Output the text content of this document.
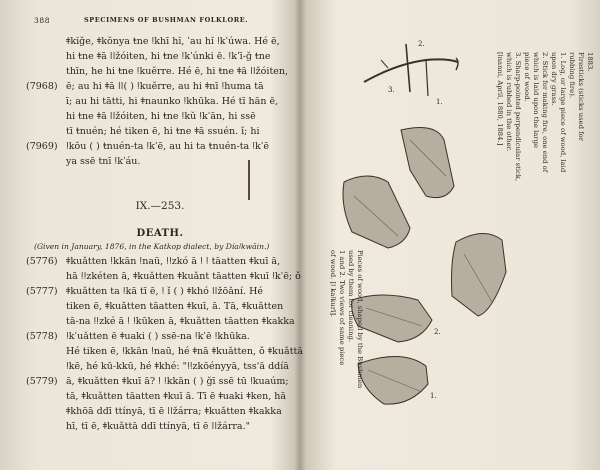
388	SPECIMENS OF BUSHMAN FOLKLORE.
ǂkĭǧe, ǂkŏnya ŧne ǃkhī hĭ, ˈau hĭ ǃkˈúwa. Hé ē,
hi ŧne ǂā ǀǀžóiten, hi ŧne ǃkˈúnki ē. ǃkˈī-ǧ ŧne
thīn, he hi ŧne ǃkuĕrre. Hé ē, hi ŧne ǂā ǀǀžóiten,
(7968) ē; au hi ǂā ǀǀ( ) ǃkuĕrre, au hi ǂnī ǃhuma tā
ī; au hi tātti, hi ǂnaunko ǃkhūka. Hé tī hān ē,
hi ŧne ǂā ǀǀžóiten, hi ŧne ǃkŭ ǃkˈān, hi ssē
tī ŧnuén; hé tiken ē, hi ŧne ǂā ssuén. ǐ; hi
(7969) ǃkŏu ( ) ŧnuén-ta ǃkˈē, au hi ta ŧnuén-ta ǃkˈē
ya ssē tnī ǃkˈáu.
IX.—253.
DEATH.
(Given in January, 1876, in the Katkop dialect, by Díaǃkwāin.)
(5776) ǂkuǎtten ǃkkān ǃnaū, ǃǃzkó ā ǃ ǃ tāatten ǂkuī ā,
hā ǃǃzkéten ā, ǂkuǎtten ǂkuǎnt tāatten ǂkuī ǃkˈē; ǒ
(5777) ǂkuǎtten ta ǃkā tī ē, ǃ ǐ ( ) ǂkhó ǀǀžōǎní. Hé
tiken ē, ǂkuǎtten tāatten ǂkuī, ā. Tā, ǂkuǎtten
tā-na ǃǃzké ā ǃ ǃkūken ā, ǂkuǎtten tāatten ǂkakka
(5778) ǃkˈuǎtten ē ǂuaki ( ) ssē-na ǃkˈē ǃkhūka.
Hé tiken ē, ǃkkān ǃnaū, hé ǂnā ǂkuǎtten, ǒ ǂkuǎttā
ǃkē, hé kū-kkū, hé ǂkhé: "ǃǃzkōényyā, tss'ā ddíā
(5779) ā, ǂkuǎtten ǂkuī ā? ǃ ǃkkān ( ) ǧī ssē tū ǃkuaúm;
tā, ǂkuǎtten tāatten ǂkuī ā. Tī ē ǂuaki ǂken, hā
ǂkhōā ddī ttínyā, tī ē ǀǀžárra; ǂkuǎtten ǂkakka
hī, tī ē, ǂkuǎttā ddī ttínyā, tī ē ǀǀžárra."
3.
2.
1.
2.
1.
1883.
Firesticks (sticks used for
rubbing fire).
1. Log, or large piece of wood, laid
upon dry grass.
2. Stick for making fire, one end of
which is laid upon the large
piece of wood.
3. Sharp-pointed perpendicular stick,
which is rubbed in the other.
[ǀnanni, April, 1880, 1884.]
Pieces of wood, shaped by the Bushmen
used by them for cleaning.
1 and 2. Two views of same piece
of wood. [ǀ kaǃkurī].
